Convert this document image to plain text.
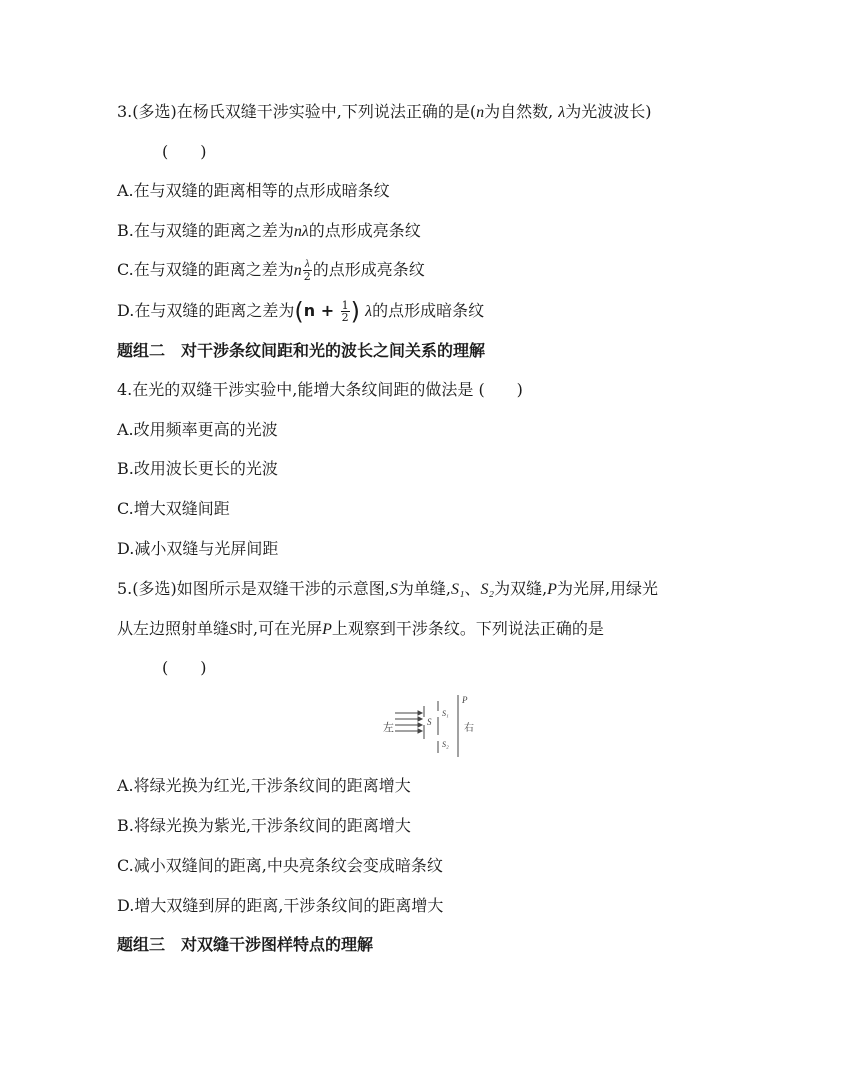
3.(多选)在杨氏双缝干涉实验中,下列说法正确的是(n为自然数, λ为光波波长)
(　　)
A.在与双缝的距离相等的点形成暗条纹
B.在与双缝的距离之差为nλ的点形成亮条纹
C.在与双缝的距离之差为n $\frac{\lambda}{2}$ 的点形成亮条纹
D.在与双缝的距离之差为($n + \frac{1}{2}$ ) λ的点形成暗条纹
题组二　对干涉条纹间距和光的波长之间关系的理解
4.在光的双缝干涉实验中,能增大条纹间距的做法是 (　　)
A.改用频率更高的光波
B.改用波长更长的光波
C.增大双缝间距
D.减小双缝与光屏间距
5.(多选)如图所示是双缝干涉的示意图,S为单缝,S₁、S₂为双缝,P为光屏,用绿光
从左边照射单缝S时,可在光屏P上观察到干涉条纹。下列说法正确的是
(　　)
左	S
S₁
S₂
P
右
A.将绿光换为红光,干涉条纹间的距离增大
B.将绿光换为紫光,干涉条纹间的距离增大
C.减小双缝间的距离,中央亮条纹会变成暗条纹
D.增大双缝到屏的距离,干涉条纹间的距离增大
题组三　对双缝干涉图样特点的理解
